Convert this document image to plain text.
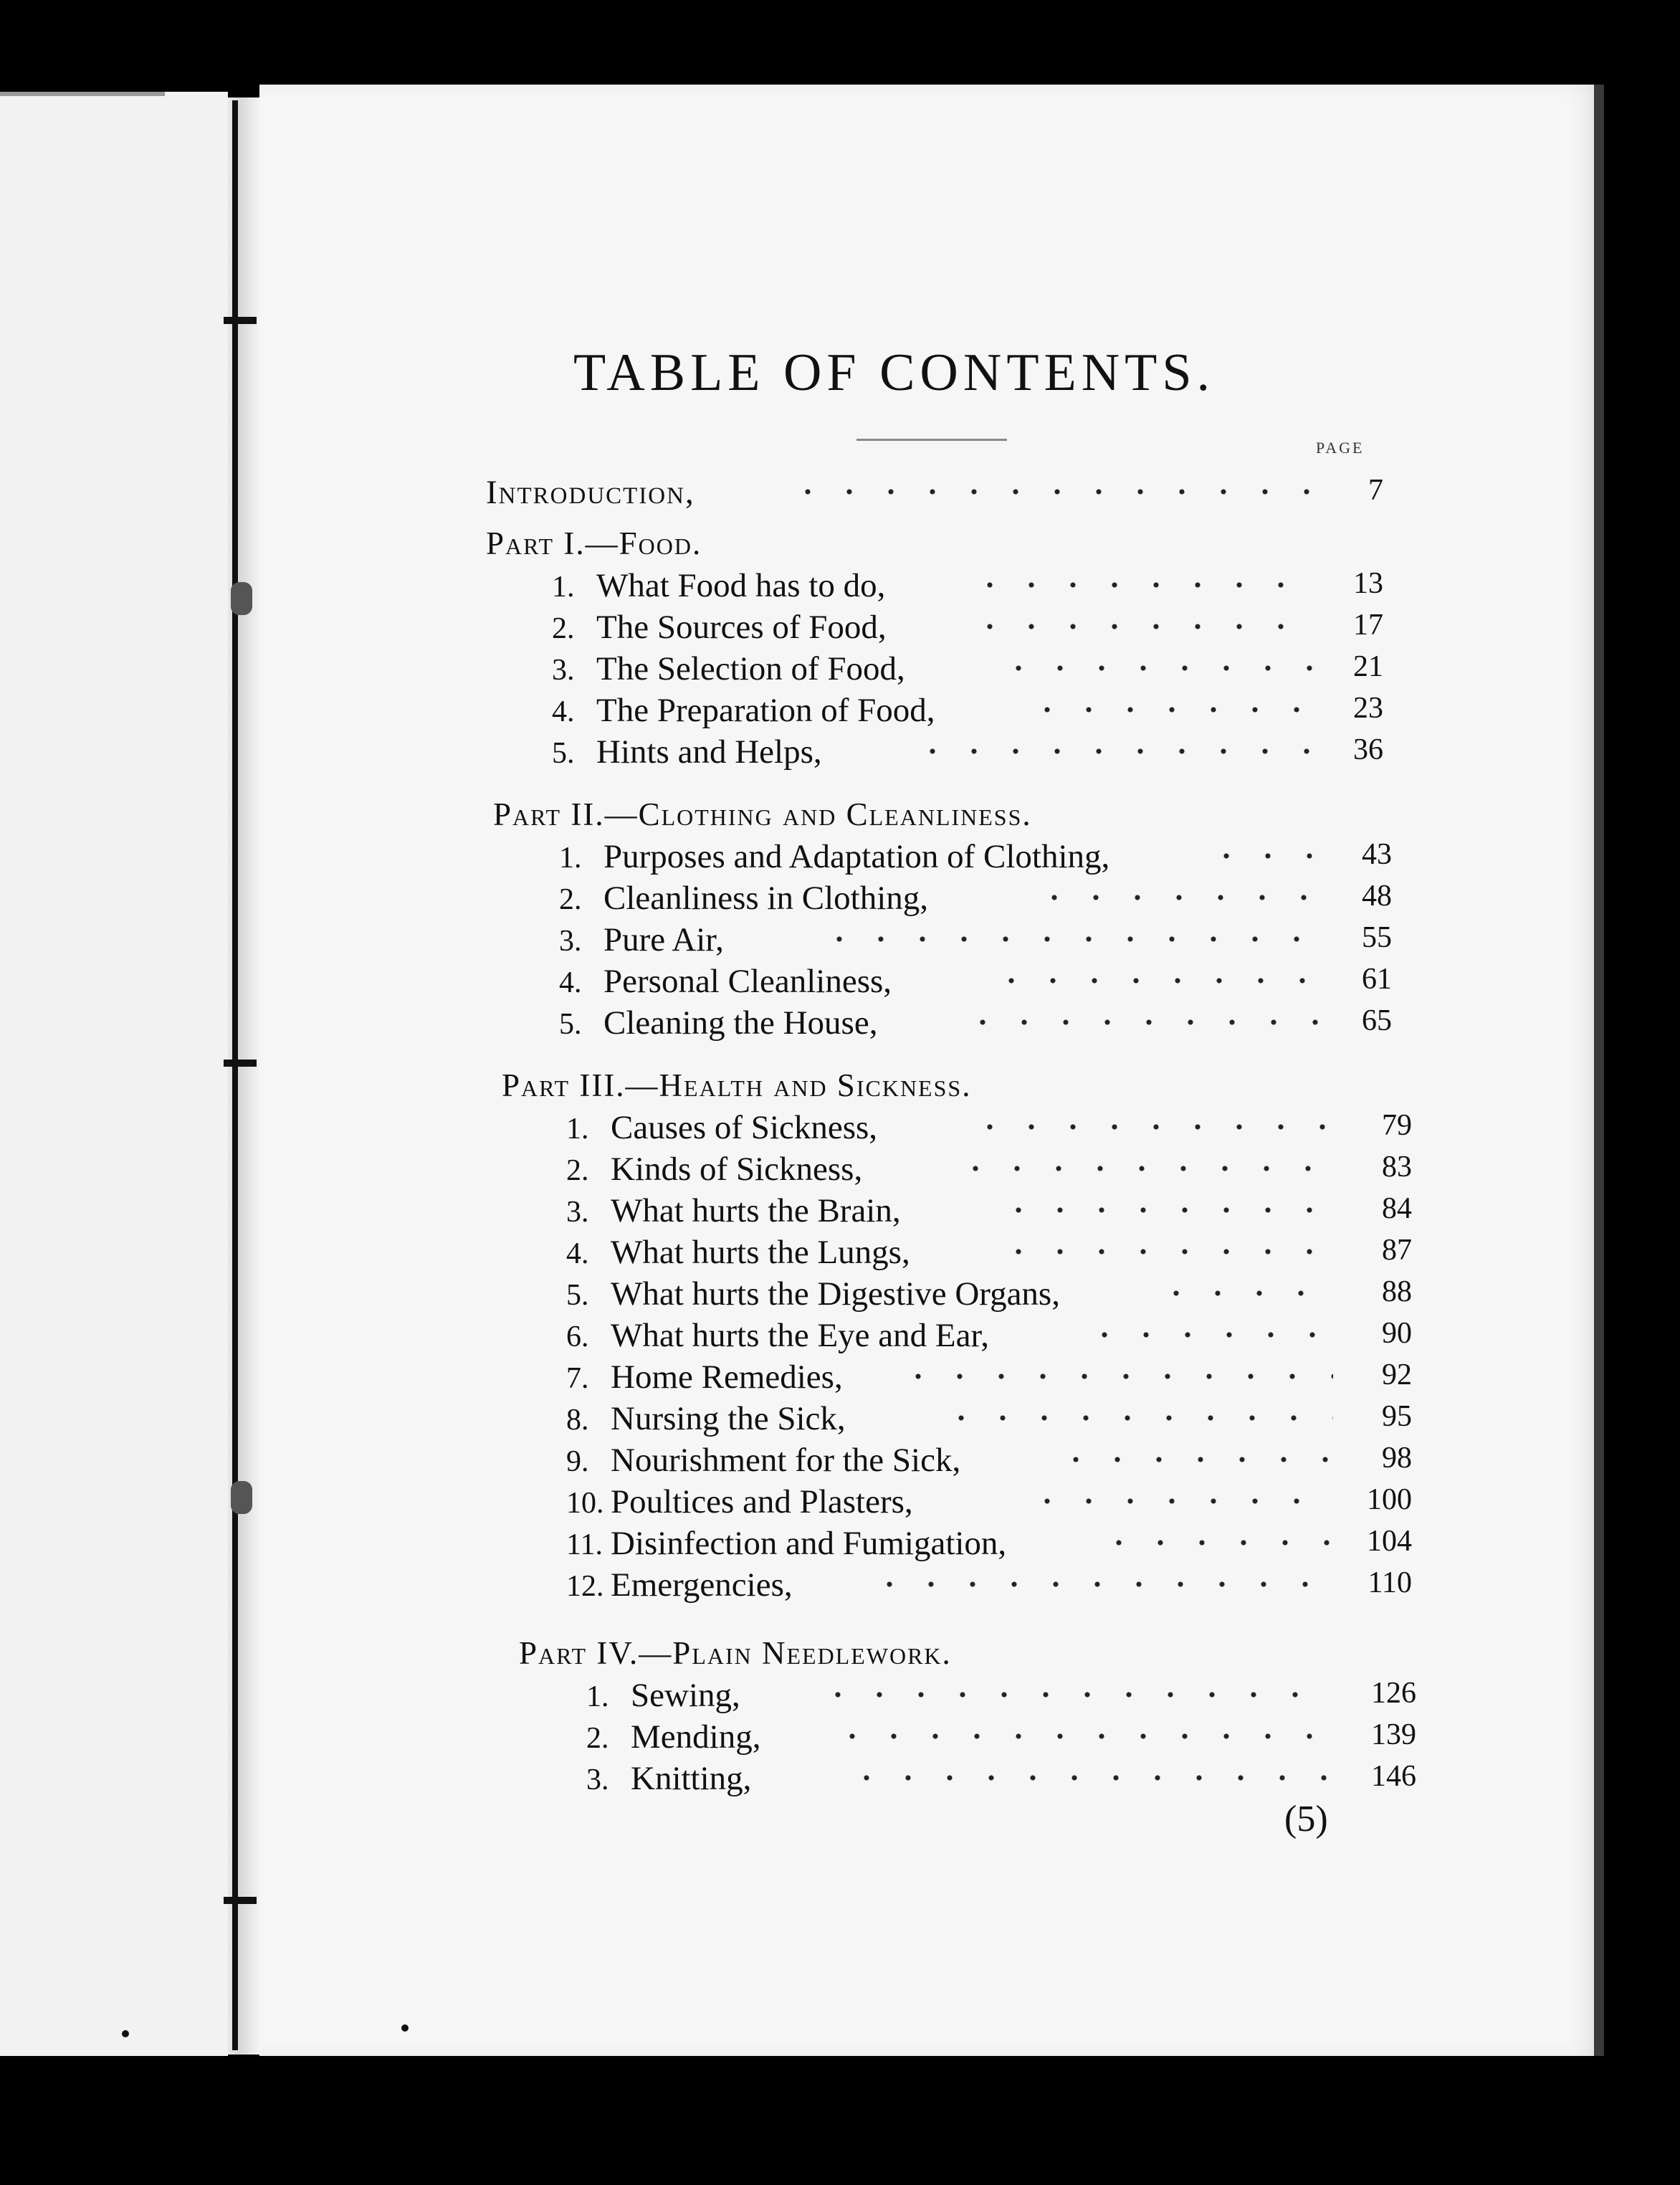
TABLE OF CONTENTS.
PAGE
Introduction,	7
Part I.—Food.
1. What Food has to do,	13
2. The Sources of Food,	17
3. The Selection of Food,	21
4. The Preparation of Food,	23
5. Hints and Helps,	36
Part II.—Clothing and Cleanliness.
1. Purposes and Adaptation of Clothing,	43
2. Cleanliness in Clothing,	48
3. Pure Air,	55
4. Personal Cleanliness,	61
5. Cleaning the House,	65
Part III.—Health and Sickness.
1. Causes of Sickness,	79
2. Kinds of Sickness,	83
3. What hurts the Brain,	84
4. What hurts the Lungs,	87
5. What hurts the Digestive Organs,	88
6. What hurts the Eye and Ear,	90
7. Home Remedies,	92
8. Nursing the Sick,	95
9. Nourishment for the Sick,	98
10. Poultices and Plasters,	100
11. Disinfection and Fumigation,	104
12. Emergencies,	110
Part IV.—Plain Needlework.
1. Sewing,	126
2. Mending,	139
3. Knitting,	146
(5)
